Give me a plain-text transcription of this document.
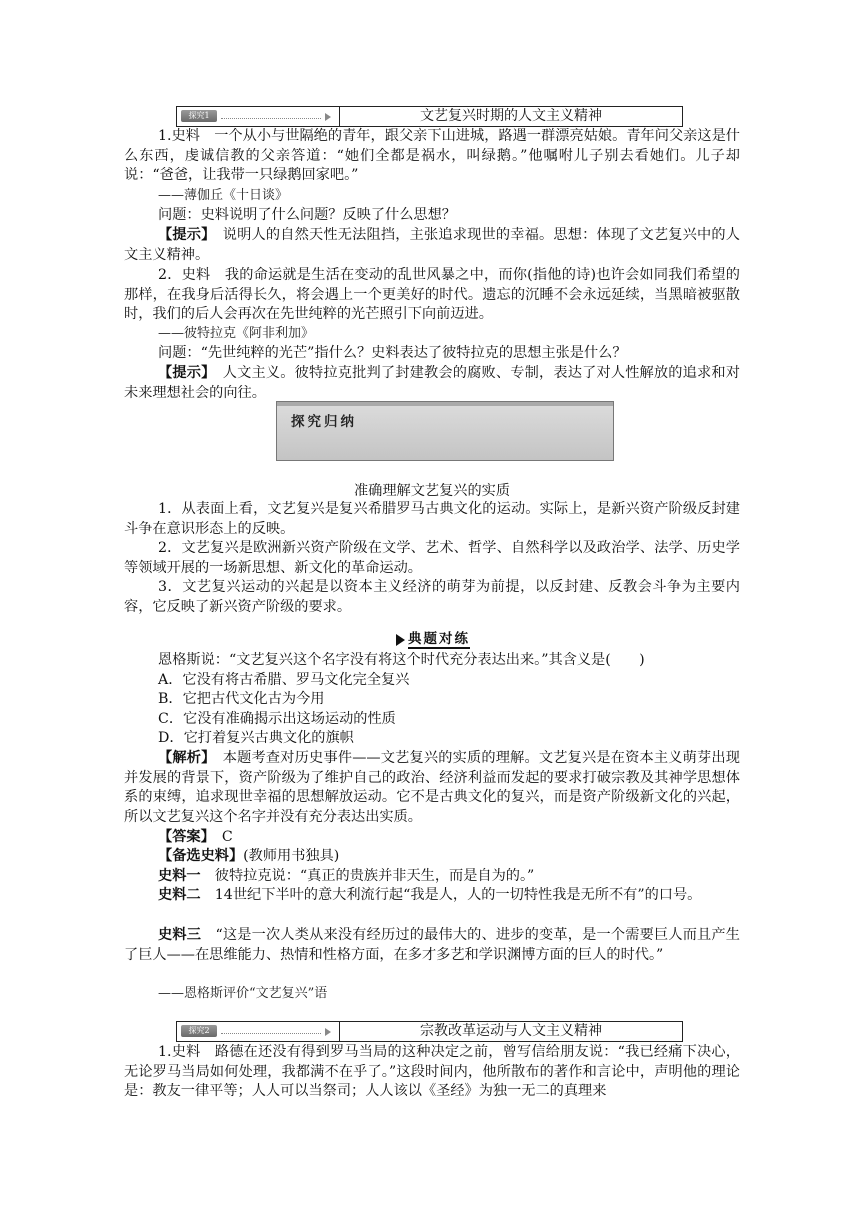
探究1	文艺复兴时期的人文主义精神
1.史料　一个从小与世隔绝的青年，跟父亲下山进城，路遇一群漂亮姑娘。青年问父亲这是什么东西，虔诚信教的父亲答道：“她们全都是祸水，叫绿鹅。”他嘱咐儿子别去看她们。儿子却说：“爸爸，让我带一只绿鹅回家吧。”
——薄伽丘《十日谈》
问题：史料说明了什么问题？反映了什么思想？
【提示】　说明人的自然天性无法阻挡，主张追求现世的幸福。思想：体现了文艺复兴中的人文主义精神。
2．史料　我的命运就是生活在变动的乱世风暴之中，而你(指他的诗)也许会如同我们希望的那样，在我身后活得长久，将会遇上一个更美好的时代。遗忘的沉睡不会永远延续，当黑暗被驱散时，我们的后人会再次在先世纯粹的光芒照引下向前迈进。
——彼特拉克《阿非利加》
问题：“先世纯粹的光芒”指什么？史料表达了彼特拉克的思想主张是什么？
【提示】　人文主义。彼特拉克批判了封建教会的腐败、专制，表达了对人性解放的追求和对未来理想社会的向往。
探究归纳
准确理解文艺复兴的实质
1．从表面上看，文艺复兴是复兴希腊罗马古典文化的运动。实际上，是新兴资产阶级反封建斗争在意识形态上的反映。
2．文艺复兴是欧洲新兴资产阶级在文学、艺术、哲学、自然科学以及政治学、法学、历史学等领域开展的一场新思想、新文化的革命运动。
3．文艺复兴运动的兴起是以资本主义经济的萌芽为前提，以反封建、反教会斗争为主要内容，它反映了新兴资产阶级的要求。
典题对练
恩格斯说：“文艺复兴这个名字没有将这个时代充分表达出来。”其含义是(　　)
A．它没有将古希腊、罗马文化完全复兴
B．它把古代文化古为今用
C．它没有准确揭示出这场运动的性质
D．它打着复兴古典文化的旗帜
【解析】　本题考查对历史事件——文艺复兴的实质的理解。文艺复兴是在资本主义萌芽出现并发展的背景下，资产阶级为了维护自己的政治、经济利益而发起的要求打破宗教及其神学思想体系的束缚，追求现世幸福的思想解放运动。它不是古典文化的复兴，而是资产阶级新文化的兴起，所以文艺复兴这个名字并没有充分表达出实质。
【答案】　C
【备选史料】(教师用书独具)
史料一　彼特拉克说：“真正的贵族并非天生，而是自为的。”
史料二　14世纪下半叶的意大利流行起“我是人，人的一切特性我是无所不有”的口号。
史料三　“这是一次人类从来没有经历过的最伟大的、进步的变革，是一个需要巨人而且产生了巨人——在思维能力、热情和性格方面，在多才多艺和学识渊博方面的巨人的时代。”
——恩格斯评价“文艺复兴”语
探究2	宗教改革运动与人文主义精神
1.史料　路德在还没有得到罗马当局的这种决定之前，曾写信给朋友说：“我已经痛下决心，无论罗马当局如何处理，我都满不在乎了。”这段时间内，他所散布的著作和言论中，声明他的理论是：教友一律平等；人人可以当祭司；人人该以《圣经》为独一无二的真理来
